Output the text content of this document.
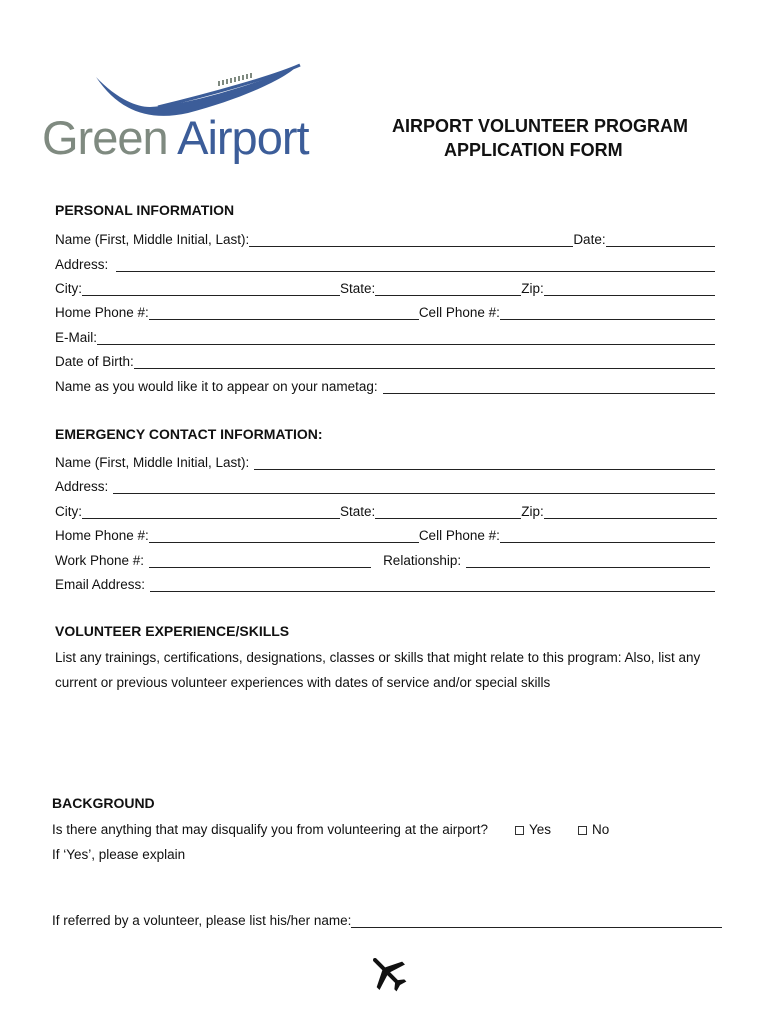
Green Airport	AIRPORT VOLUNTEER PROGRAM
APPLICATION FORM
PERSONAL INFORMATION
Name (First, Middle Initial, Last):	Date:
Address:
City:	State:	Zip:
Home Phone #:	Cell Phone #:
E-Mail:
Date of Birth:
Name as you would like it to appear on your nametag:
EMERGENCY CONTACT INFORMATION:
Name (First, Middle Initial, Last):
Address:
City:	State:	Zip:
Home Phone #:	Cell Phone #:
Work Phone #:	Relationship:
Email Address:
VOLUNTEER EXPERIENCE/SKILLS
List any trainings, certifications, designations, classes or skills that might relate to this program: Also, list any
current or previous volunteer experiences with dates of service and/or special skills
BACKGROUND
Is there anything that may disqualify you from volunteering at the airport?	Yes	No
If ‘Yes’, please explain
If referred by a volunteer, please list his/her name:
